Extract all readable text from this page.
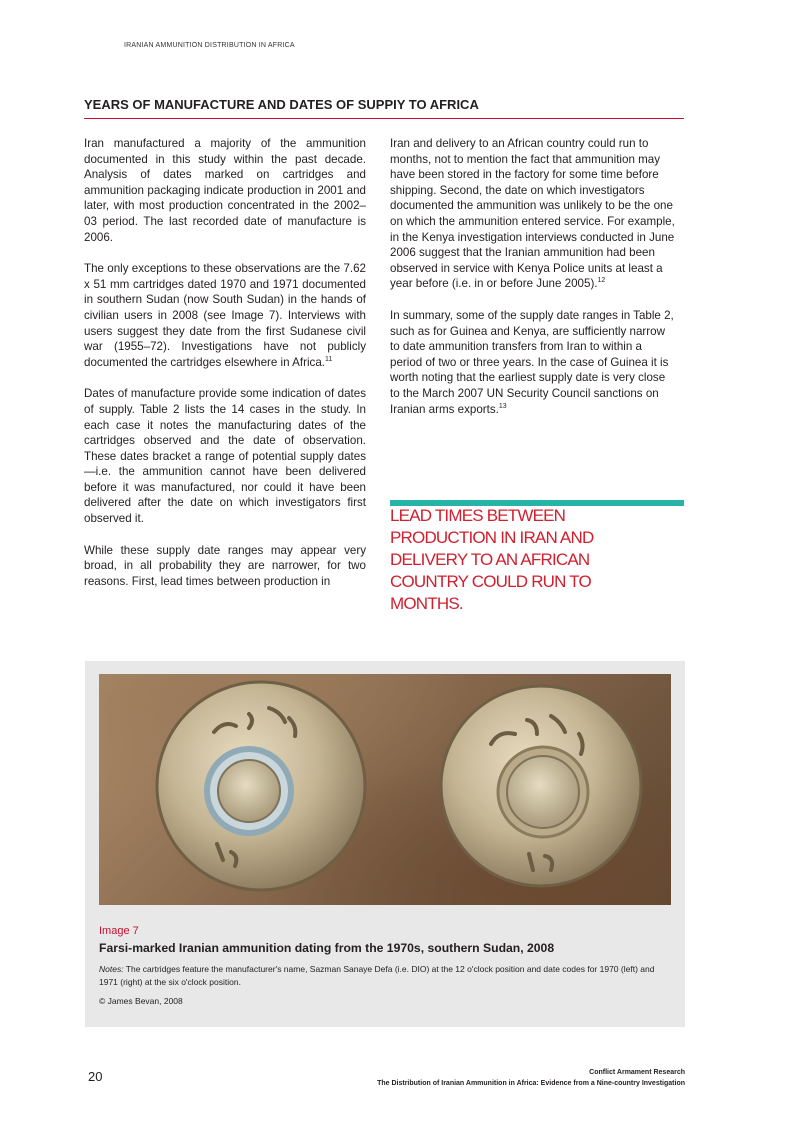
IRANIAN AMMUNITION DISTRIBUTION IN AFRICA
YEARS OF MANUFACTURE AND DATES OF SUPPIY TO AFRICA

Iran manufactured a majority of the ammunition documented in this study within the past decade. Analysis of dates marked on cartridges and ammunition packaging indicate production in 2001 and later, with most production concentrated in the 2002–03 period. The last recorded date of manufacture is 2006.

The only exceptions to these observations are the 7.62 x 51 mm cartridges dated 1970 and 1971 documented in southern Sudan (now South Sudan) in the hands of civilian users in 2008 (see Image 7). Interviews with users suggest they date from the first Sudanese civil war (1955–72). Investigations have not publicly documented the cartridges elsewhere in Africa.$^{11}$

Dates of manufacture provide some indication of dates of supply. Table 2 lists the 14 cases in the study. In each case it notes the manufacturing dates of the cartridges observed and the date of observation. These dates bracket a range of potential supply dates—i.e. the ammunition cannot have been delivered before it was manufactured, nor could it have been delivered after the date on which investigators first observed it.

While these supply date ranges may appear very broad, in all probability they are narrower, for two reasons. First, lead times between production in

Iran and delivery to an African country could run to months, not to mention the fact that ammunition may have been stored in the factory for some time before shipping. Second, the date on which investigators documented the ammunition was unlikely to be the one on which the ammunition entered service. For example, in the Kenya investigation interviews conducted in June 2006 suggest that the Iranian ammunition had been observed in service with Kenya Police units at least a year before (i.e. in or before June 2005).$^{12}$

In summary, some of the supply date ranges in Table 2, such as for Guinea and Kenya, are sufficiently narrow to date ammunition transfers from Iran to within a period of two or three years. In the case of Guinea it is worth noting that the earliest supply date is very close to the March 2007 UN Security Council sanctions on Iranian arms exports.$^{13}$

LEAD TIMES BETWEEN PRODUCTION IN IRAN AND DELIVERY TO AN AFRICAN COUNTRY COULD RUN TO MONTHS.
Image 7
Farsi-marked Iranian ammunition dating from the 1970s, southern Sudan, 2008
Notes: The cartridges feature the manufacturer's name, Sazman Sanaye Defa (i.e. DIO) at the 12 o'clock position and date codes for 1970 (left) and 1971 (right) at the six o'clock position.
© James Bevan, 2008
20	Conflict Armament Research
The Distribution of Iranian Ammunition in Africa: Evidence from a Nine-country Investigation
